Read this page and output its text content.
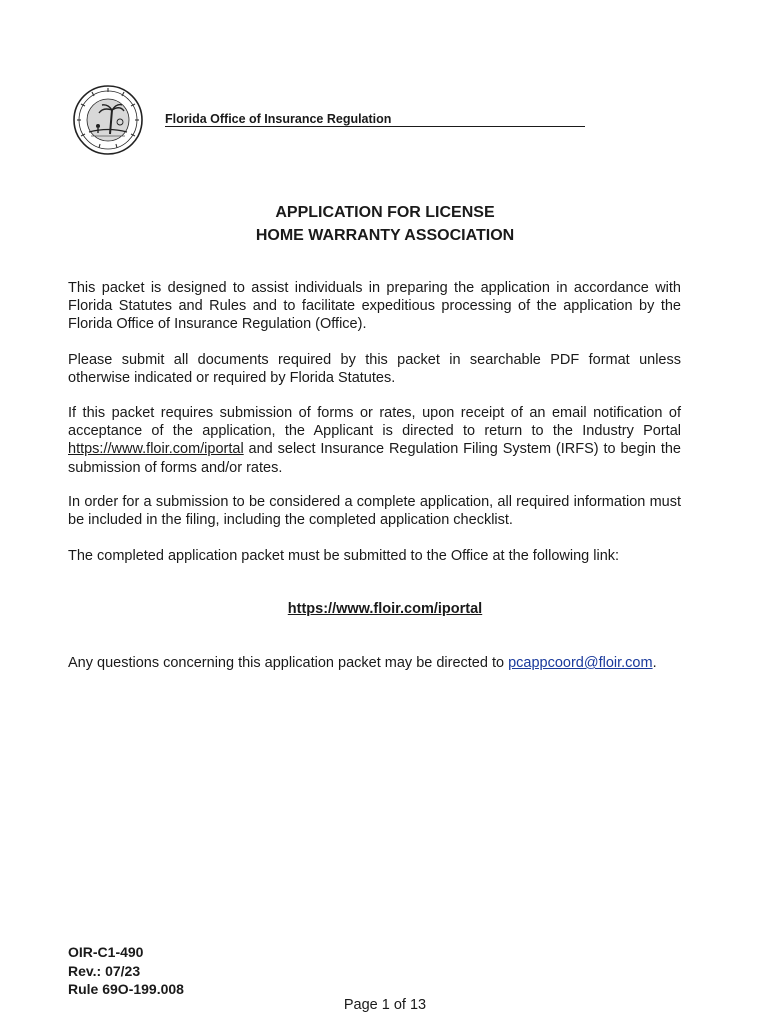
Florida Office of Insurance Regulation
APPLICATION FOR LICENSE
HOME WARRANTY ASSOCIATION

This packet is designed to assist individuals in preparing the application in accordance with Florida Statutes and Rules and to facilitate expeditious processing of the application by the Florida Office of Insurance Regulation (Office).

Please submit all documents required by this packet in searchable PDF format unless otherwise indicated or required by Florida Statutes.

If this packet requires submission of forms or rates, upon receipt of an email notification of acceptance of the application, the Applicant is directed to return to the Industry Portal https://www.floir.com/iportal and select Insurance Regulation Filing System (IRFS) to begin the submission of forms and/or rates.

In order for a submission to be considered a complete application, all required information must be included in the filing, including the completed application checklist.

The completed application packet must be submitted to the Office at the following link:

https://www.floir.com/iportal

Any questions concerning this application packet may be directed to pcappcoord@floir.com.

OIR-C1-490
Rev.: 07/23
Rule 69O-199.008
Page 1 of 13
